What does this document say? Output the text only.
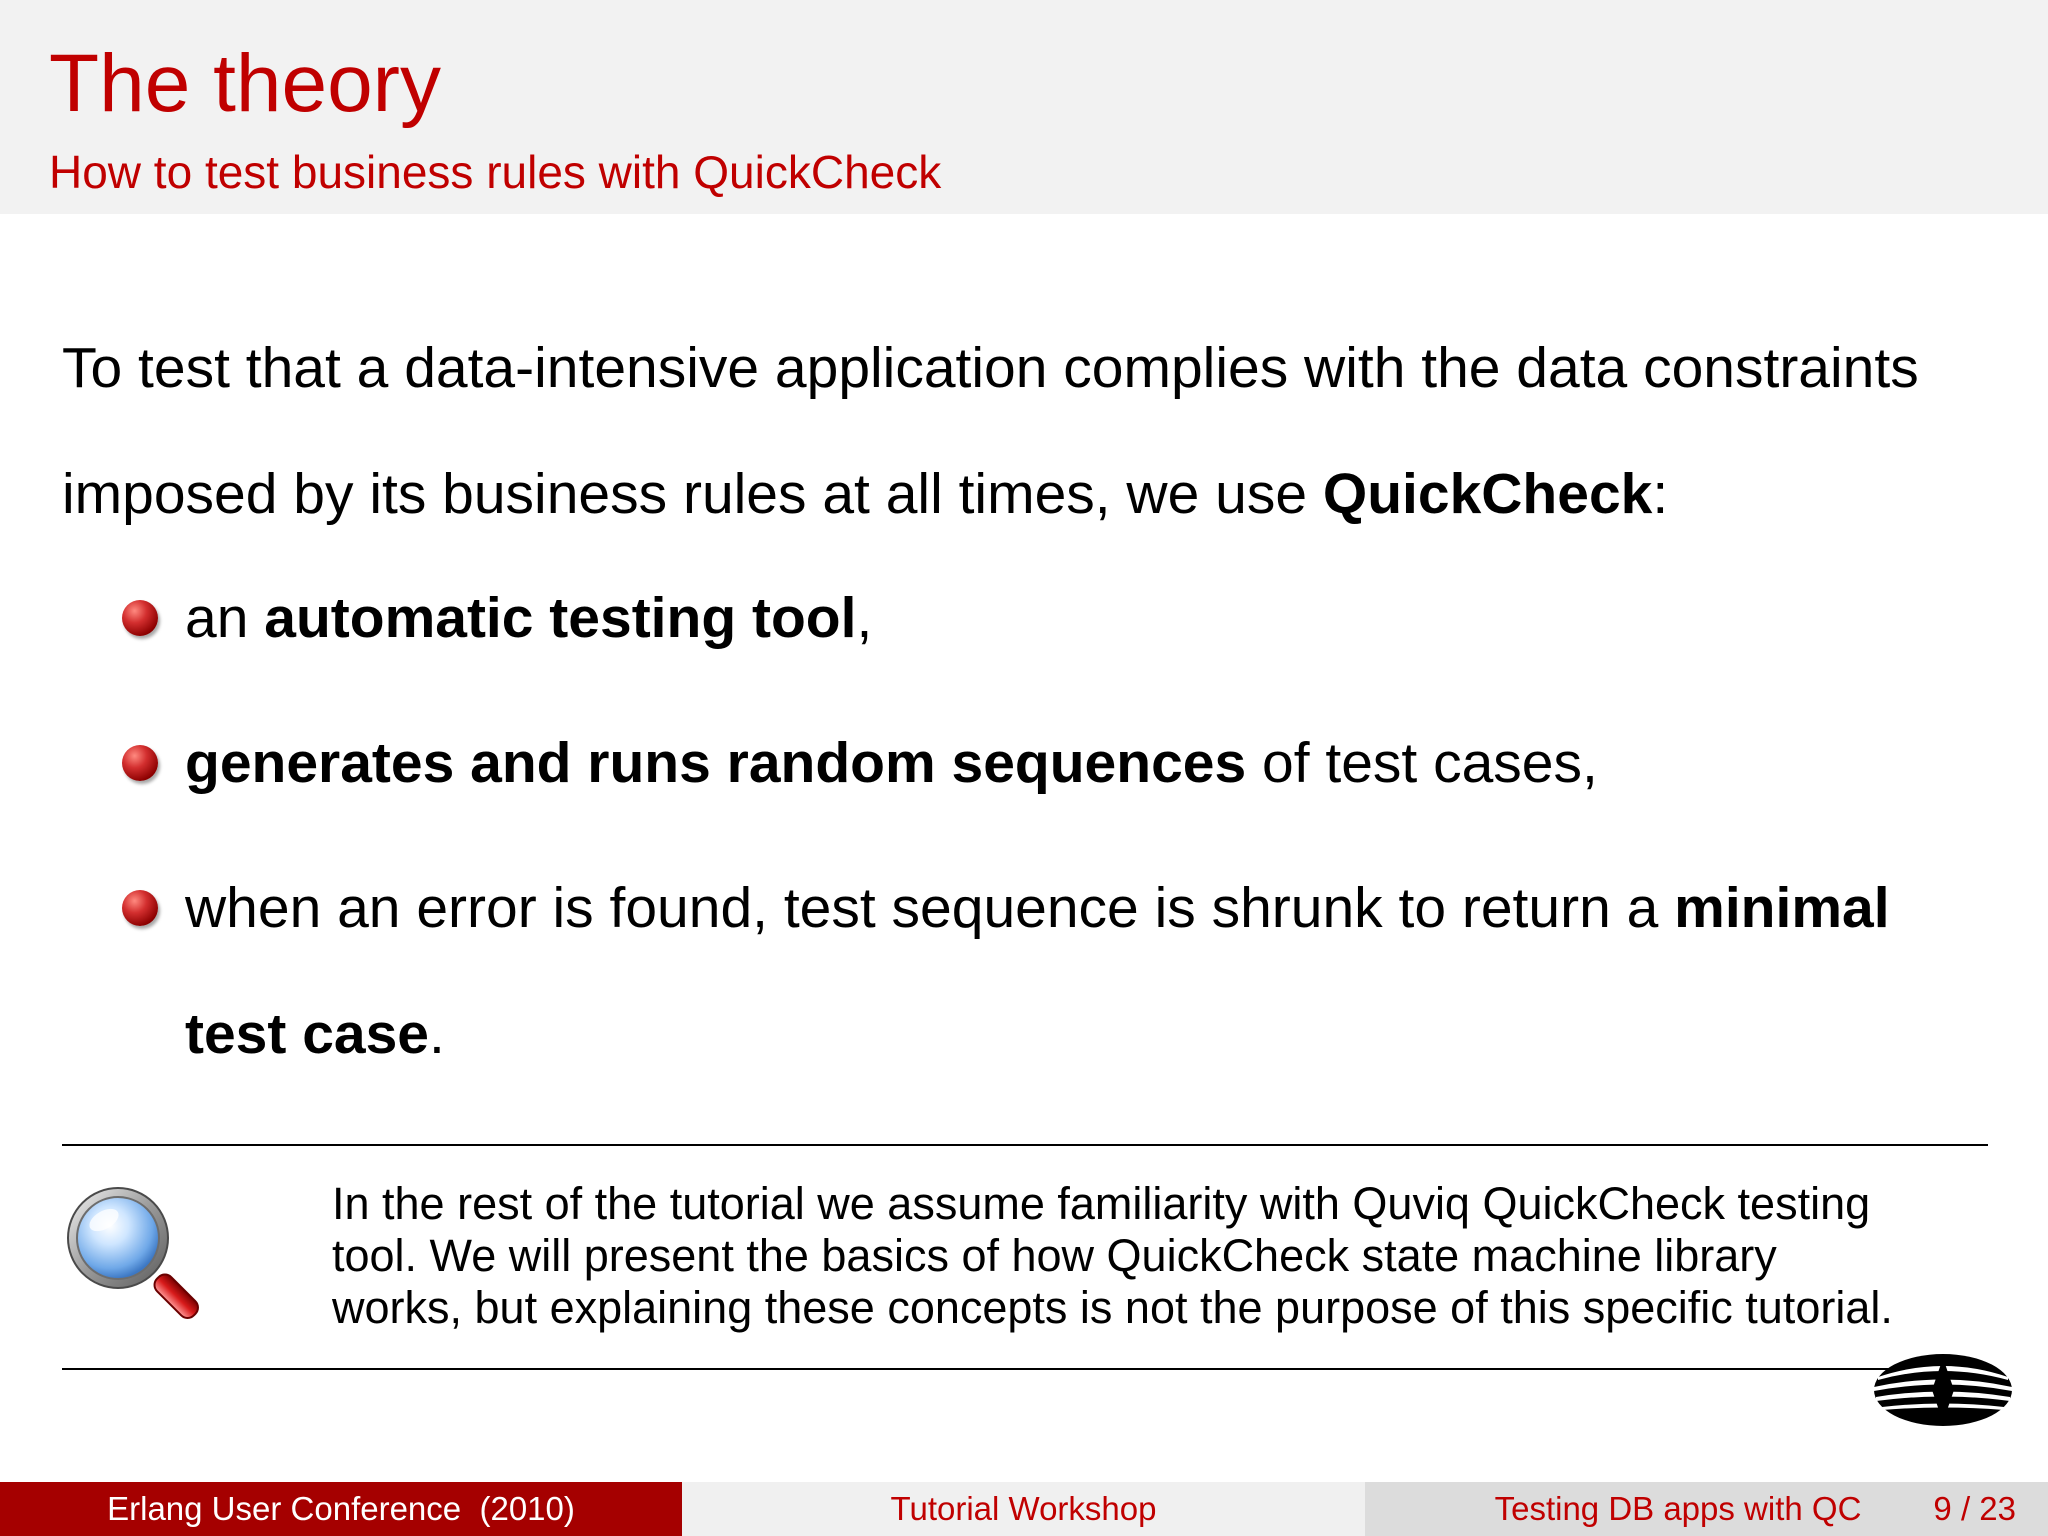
The theory
How to test business rules with QuickCheck
To test that a data-intensive application complies with the data constraints
imposed by its business rules at all times, we use QuickCheck:
an automatic testing tool,
generates and runs random sequences of test cases,
when an error is found, test sequence is shrunk to return a minimal
test case.
In the rest of the tutorial we assume familiarity with Quviq QuickCheck testing
tool. We will present the basics of how QuickCheck state machine library
works, but explaining these concepts is not the purpose of this specific tutorial.
Erlang User Conference  (2010)	Tutorial Workshop	Testing DB apps with QC 9 / 23
